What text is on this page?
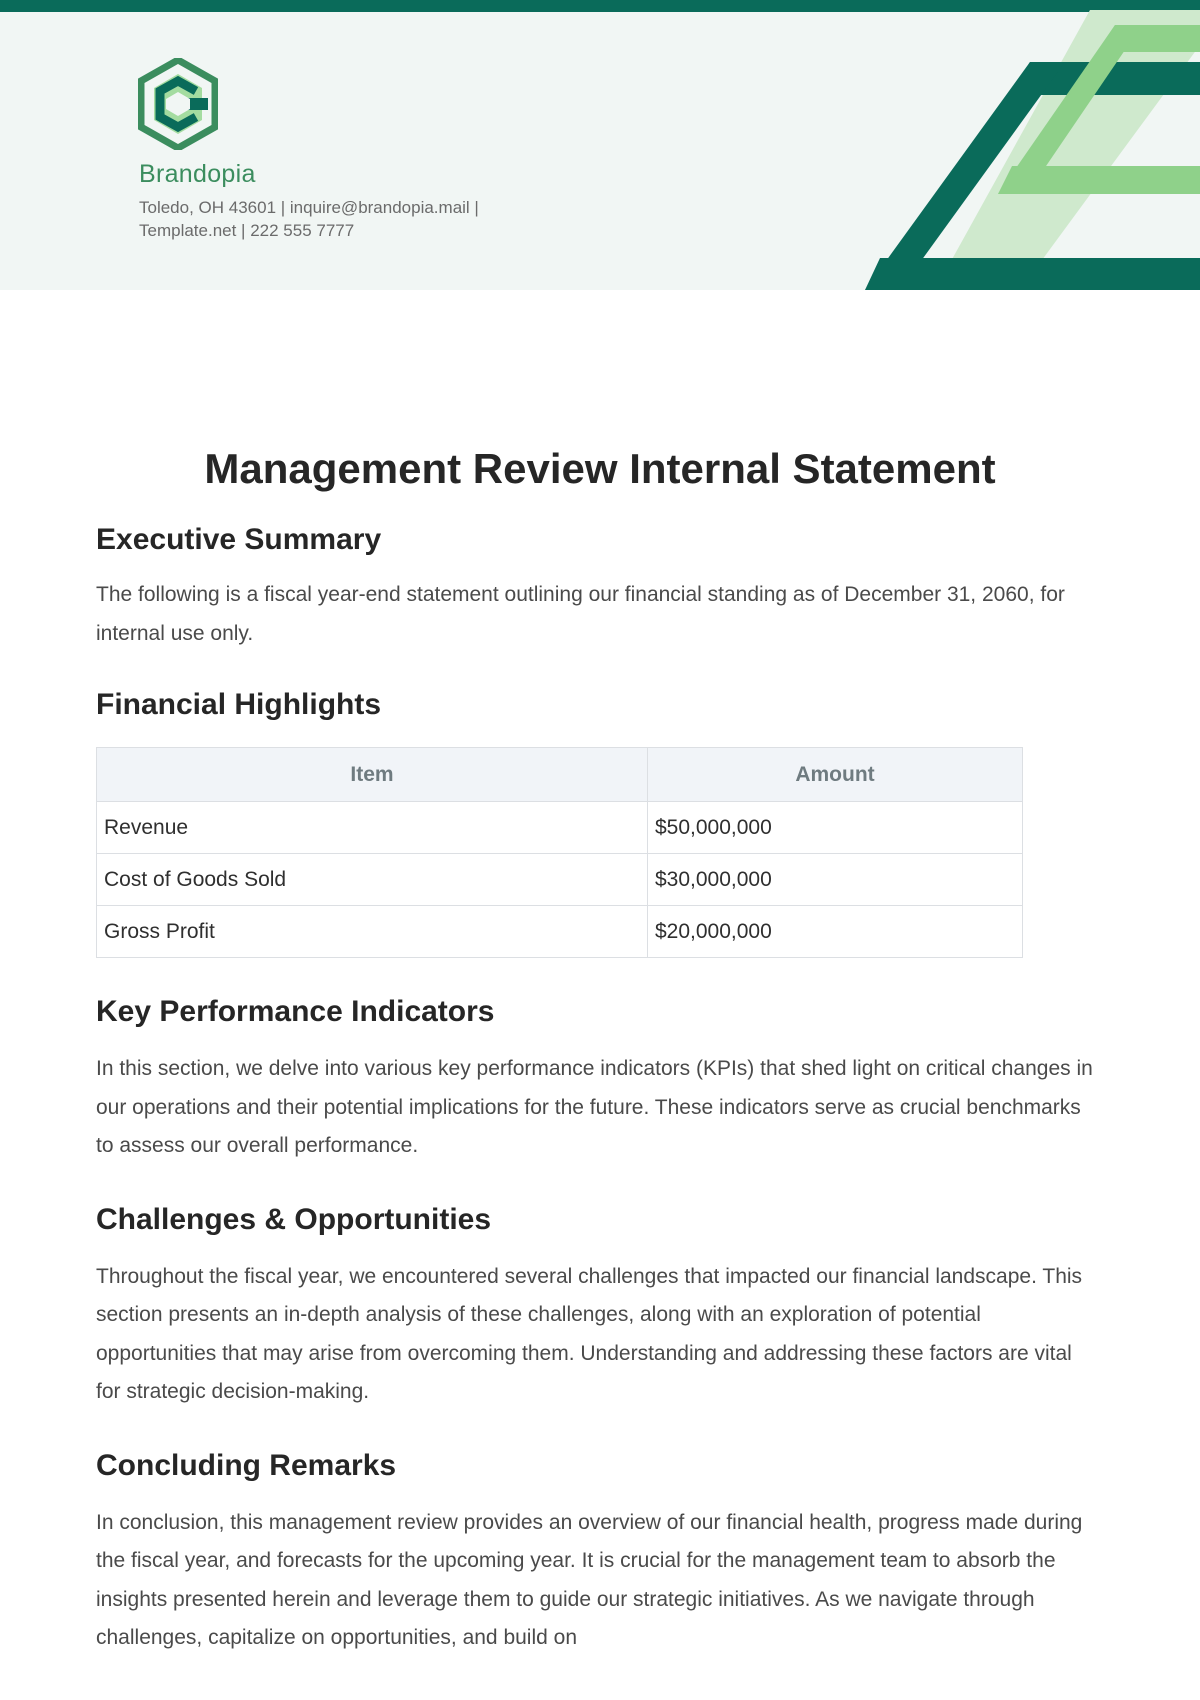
Brandopia
Toledo, OH 43601 | inquire@brandopia.mail | Template.net | 222 555 7777
Management Review Internal Statement
Executive Summary

The following is a fiscal year-end statement outlining our financial standing as of December 31, 2060, for internal use only.

Financial Highlights
Item	Amount
Revenue	$50,000,000
Cost of Goods Sold	$30,000,000
Gross Profit	$20,000,000
Key Performance Indicators

In this section, we delve into various key performance indicators (KPIs) that shed light on critical changes in our operations and their potential implications for the future. These indicators serve as crucial benchmarks to assess our overall performance.

Challenges & Opportunities

Throughout the fiscal year, we encountered several challenges that impacted our financial landscape. This section presents an in-depth analysis of these challenges, along with an exploration of potential opportunities that may arise from overcoming them. Understanding and addressing these factors are vital for strategic decision-making.

Concluding Remarks

In conclusion, this management review provides an overview of our financial health, progress made during the fiscal year, and forecasts for the upcoming year. It is crucial for the management team to absorb the insights presented herein and leverage them to guide our strategic initiatives. As we navigate through challenges, capitalize on opportunities, and build on
